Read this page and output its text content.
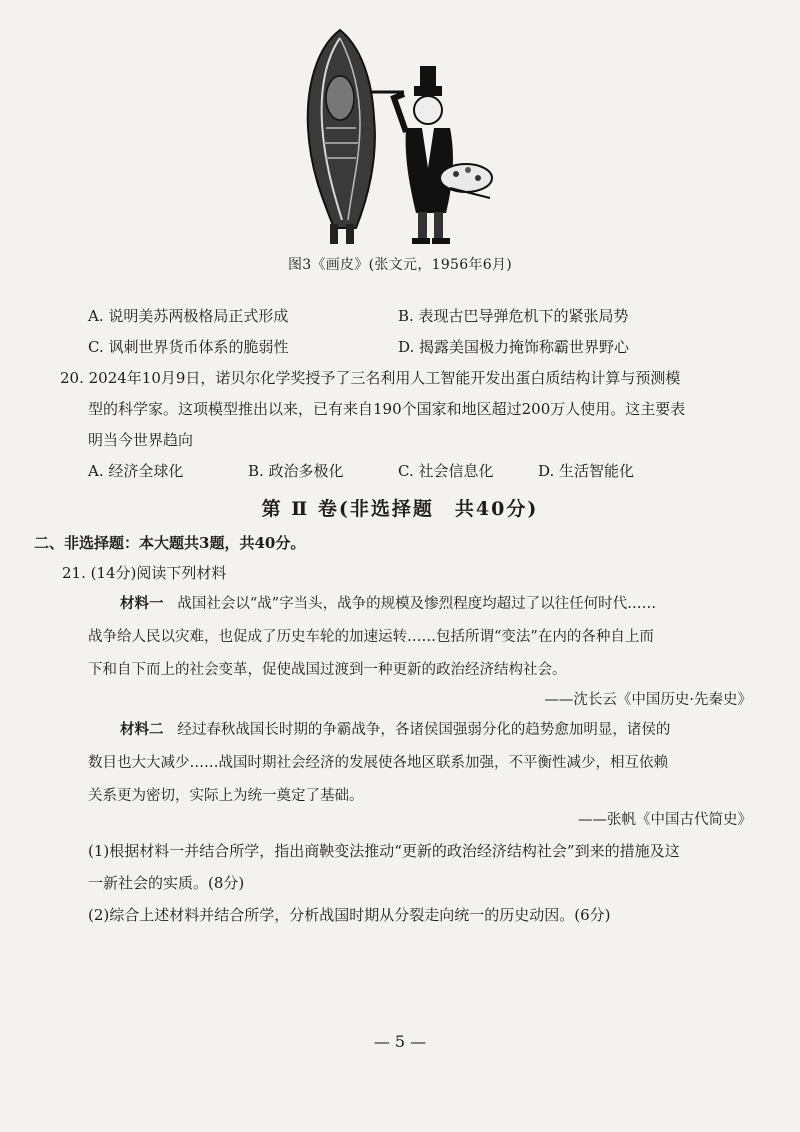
图3《画皮》(张文元，1956年6月)
A. 说明美苏两极格局正式形成	B. 表现古巴导弹危机下的紧张局势
C. 讽刺世界货币体系的脆弱性	D. 揭露美国极力掩饰称霸世界野心
20. 2024年10月9日，诺贝尔化学奖授予了三名利用人工智能开发出蛋白质结构计算与预测模
型的科学家。这项模型推出以来，已有来自190个国家和地区超过200万人使用。这主要表
明当今世界趋向
A. 经济全球化	B. 政治多极化	C. 社会信息化	D. 生活智能化
第 Ⅱ 卷(非选择题　共40分)
二、非选择题：本大题共3题，共40分。
21. (14分)阅读下列材料
材料一 战国社会以“战”字当头，战争的规模及惨烈程度均超过了以往任何时代……
战争给人民以灾难，也促成了历史车轮的加速运转……包括所谓“变法”在内的各种自上而
下和自下而上的社会变革，促使战国过渡到一种更新的政治经济结构社会。
——沈长云《中国历史·先秦史》
材料二 经过春秋战国长时期的争霸战争，各诸侯国强弱分化的趋势愈加明显，诸侯的
数目也大大减少……战国时期社会经济的发展使各地区联系加强，不平衡性减少，相互依赖
关系更为密切，实际上为统一奠定了基础。
——张帆《中国古代简史》
(1)根据材料一并结合所学，指出商鞅变法推动“更新的政治经济结构社会”到来的措施及这
一新社会的实质。(8分)
(2)综合上述材料并结合所学，分析战国时期从分裂走向统一的历史动因。(6分)
— 5 —
